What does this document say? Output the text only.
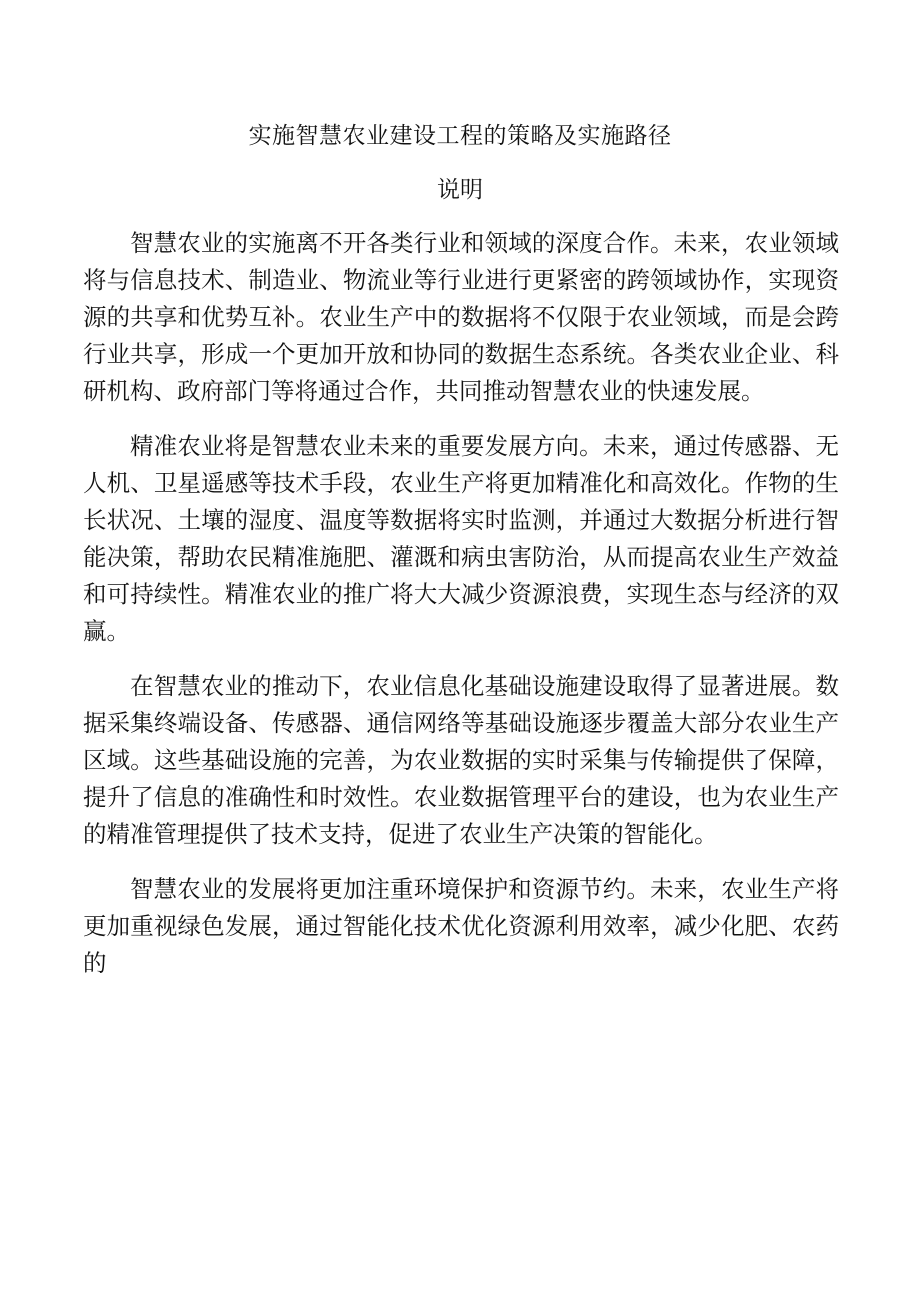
实施智慧农业建设工程的策略及实施路径
说明

智慧农业的实施离不开各类行业和领域的深度合作。未来，农业领域将与信息技术、制造业、物流业等行业进行更紧密的跨领域协作，实现资源的共享和优势互补。农业生产中的数据将不仅限于农业领域，而是会跨行业共享，形成一个更加开放和协同的数据生态系统。各类农业企业、科研机构、政府部门等将通过合作，共同推动智慧农业的快速发展。

精准农业将是智慧农业未来的重要发展方向。未来，通过传感器、无人机、卫星遥感等技术手段，农业生产将更加精准化和高效化。作物的生长状况、土壤的湿度、温度等数据将实时监测，并通过大数据分析进行智能决策，帮助农民精准施肥、灌溉和病虫害防治，从而提高农业生产效益和可持续性。精准农业的推广将大大减少资源浪费，实现生态与经济的双赢。

在智慧农业的推动下，农业信息化基础设施建设取得了显著进展。数据采集终端设备、传感器、通信网络等基础设施逐步覆盖大部分农业生产区域。这些基础设施的完善，为农业数据的实时采集与传输提供了保障，提升了信息的准确性和时效性。农业数据管理平台的建设，也为农业生产的精准管理提供了技术支持，促进了农业生产决策的智能化。

智慧农业的发展将更加注重环境保护和资源节约。未来，农业生产将更加重视绿色发展，通过智能化技术优化资源利用效率，减少化肥、农药的
